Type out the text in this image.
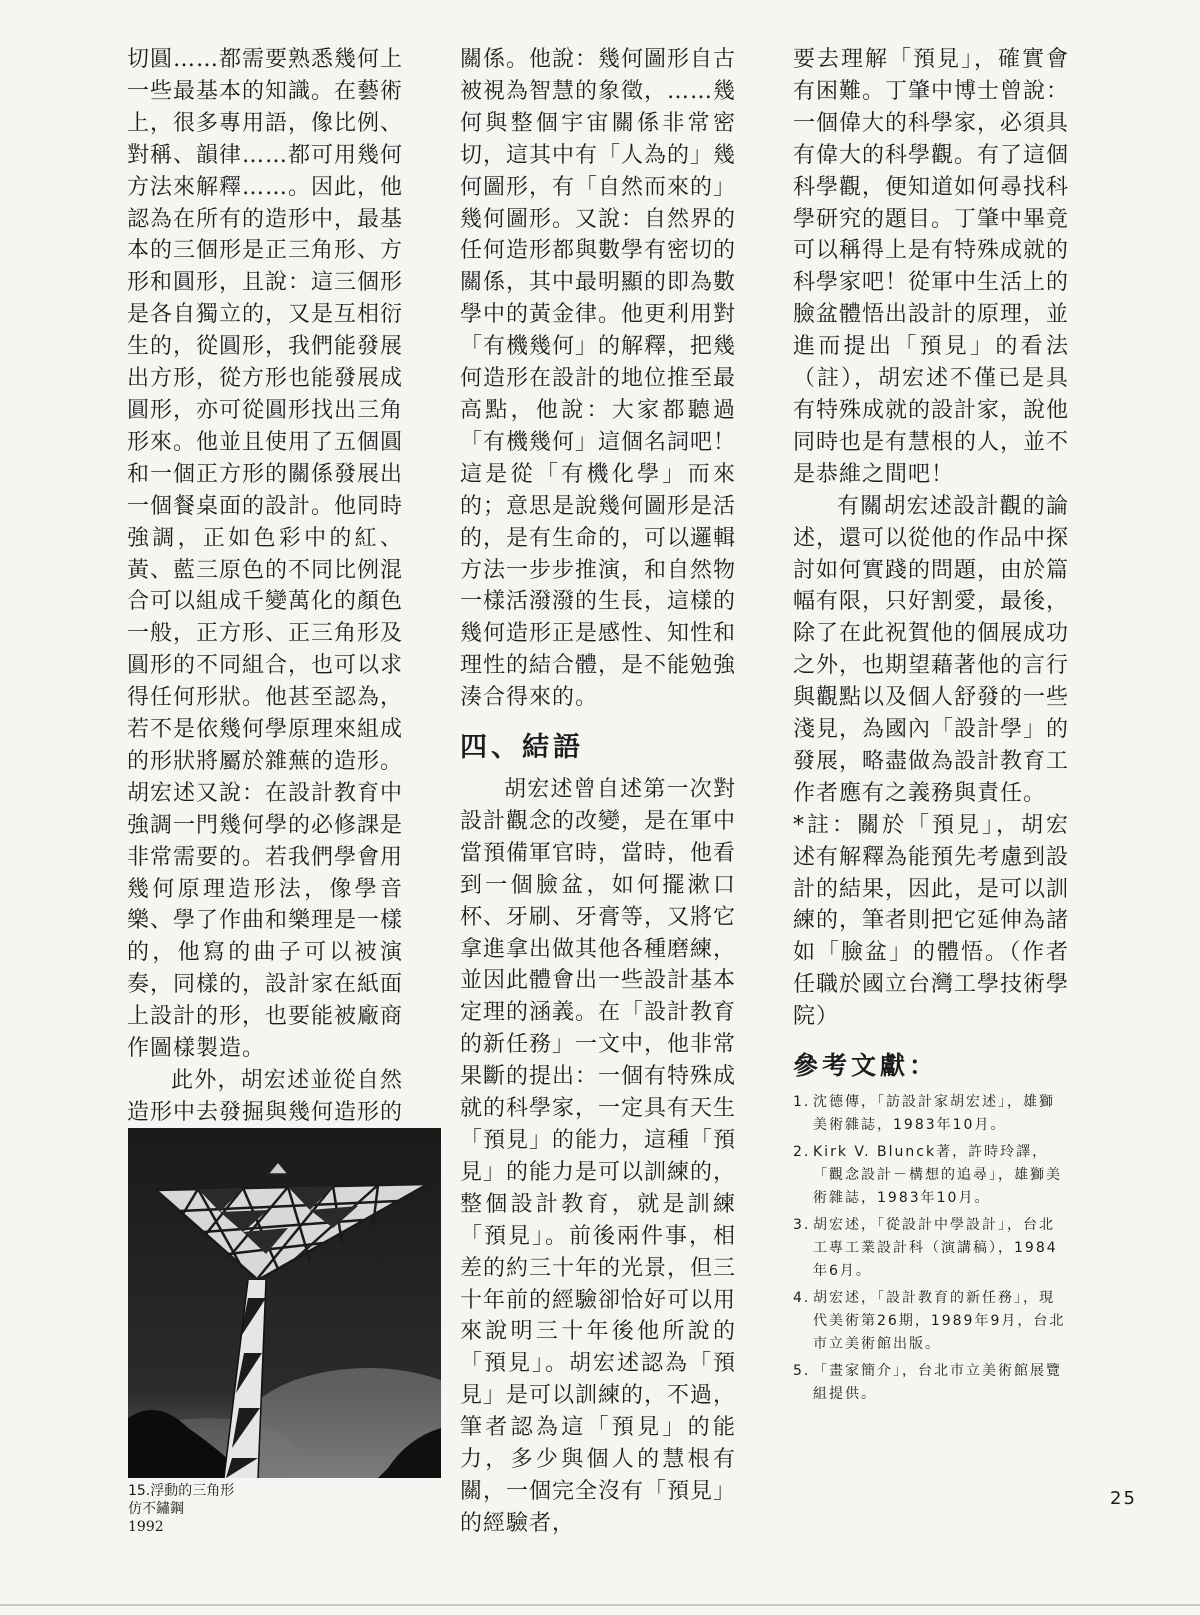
切圓……都需要熟悉幾何上一些最基本的知識。在藝術上，很多專用語，像比例、對稱、韻律……都可用幾何方法來解釋……。因此，他認為在所有的造形中，最基本的三個形是正三角形、方形和圓形，且說：這三個形是各自獨立的，又是互相衍生的，從圓形，我們能發展出方形，從方形也能發展成圓形，亦可從圓形找出三角形來。他並且使用了五個圓和一個正方形的關係發展出一個餐桌面的設計。他同時強調，正如色彩中的紅、黃、藍三原色的不同比例混合可以組成千變萬化的顏色一般，正方形、正三角形及圓形的不同組合，也可以求得任何形狀。他甚至認為，若不是依幾何學原理來組成的形狀將屬於雜蕪的造形。胡宏述又說：在設計教育中強調一門幾何學的必修課是非常需要的。若我們學會用幾何原理造形法，像學音樂、學了作曲和樂理是一樣的，他寫的曲子可以被演奏，同樣的，設計家在紙面上設計的形，也要能被廠商作圖樣製造。

此外，胡宏述並從自然造形中去發掘與幾何造形的

關係。他說：幾何圖形自古被視為智慧的象徵，……幾何與整個宇宙關係非常密切，這其中有「人為的」幾何圖形，有「自然而來的」幾何圖形。又說：自然界的任何造形都與數學有密切的關係，其中最明顯的即為數學中的黃金律。他更利用對「有機幾何」的解釋，把幾何造形在設計的地位推至最高點，他說：大家都聽過「有機幾何」這個名詞吧！這是從「有機化學」而來的；意思是說幾何圖形是活的，是有生命的，可以邏輯方法一步步推演，和自然物一樣活潑潑的生長，這樣的幾何造形正是感性、知性和理性的結合體，是不能勉強湊合得來的。

四、結語

胡宏述曾自述第一次對設計觀念的改變，是在軍中當預備軍官時，當時，他看到一個臉盆，如何擺漱口杯、牙刷、牙膏等，又將它拿進拿出做其他各種磨練，並因此體會出一些設計基本定理的涵義。在「設計教育的新任務」一文中，他非常果斷的提出：一個有特殊成就的科學家，一定具有天生「預見」的能力，這種「預見」的能力是可以訓練的，整個設計教育，就是訓練「預見」。前後兩件事，相差的約三十年的光景，但三十年前的經驗卻恰好可以用來說明三十年後他所說的「預見」。胡宏述認為「預見」是可以訓練的，不過，筆者認為這「預見」的能力，多少與個人的慧根有關，一個完全沒有「預見」的經驗者，

要去理解「預見」，確實會有困難。丁肇中博士曾說：一個偉大的科學家，必須具有偉大的科學觀。有了這個科學觀，便知道如何尋找科學研究的題目。丁肇中畢竟可以稱得上是有特殊成就的科學家吧！從軍中生活上的臉盆體悟出設計的原理，並進而提出「預見」的看法（註），胡宏述不僅已是具有特殊成就的設計家，說他同時也是有慧根的人，並不是恭維之間吧！

有關胡宏述設計觀的論述，還可以從他的作品中探討如何實踐的問題，由於篇幅有限，只好割愛，最後，除了在此祝賀他的個展成功之外，也期望藉著他的言行與觀點以及個人舒發的一些淺見，為國內「設計學」的發展，略盡做為設計教育工作者應有之義務與責任。

*註：關於「預見」，胡宏述有解釋為能預先考慮到設計的結果，因此，是可以訓練的，筆者則把它延伸為諸如「臉盆」的體悟。（作者任職於國立台灣工學技術學院）

參考文獻：
1. 沈德傳，「訪設計家胡宏述」，雄獅美術雜誌，1983年10月。
2. Kirk V. Blunck著，許時玲譯，「觀念設計－構想的追尋」，雄獅美術雜誌，1983年10月。
3. 胡宏述，「從設計中學設計」，台北工專工業設計科（演講稿），1984年6月。
4. 胡宏述，「設計教育的新任務」，現代美術第26期，1989年9月，台北市立美術館出版。
5. 「畫家簡介」，台北市立美術館展覽組提供。
15.浮動的三角形
仿不鏽鋼
1992
25
